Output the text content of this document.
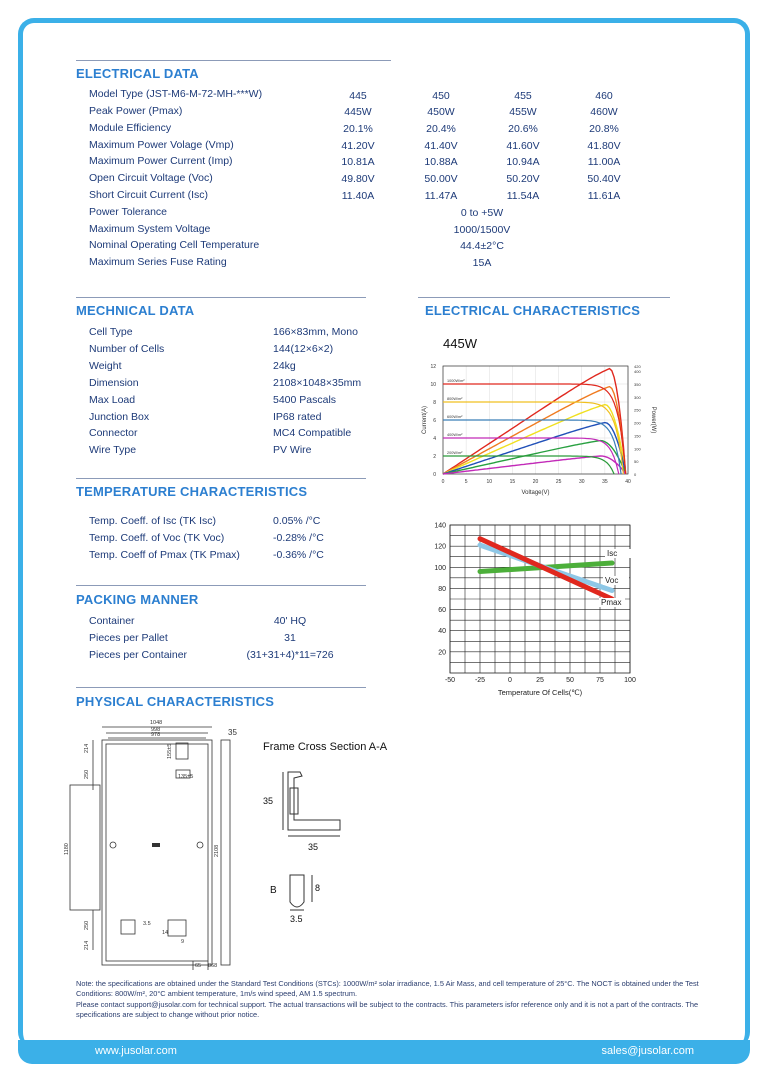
ELECTRICAL DATA
MECHNICAL DATA
TEMPERATURE CHARACTERISTICS
PACKING MANNER
PHYSICAL CHARACTERISTICS
ELECTRICAL CHARACTERISTICS
445W
0	5	10	15	20	25	30	35	40
0
2
4
6
8
10
12
0
50
100
150
200
250
300
350
400
420
Voltage(V)
Current(A)	Power(W)
1000W/m²
800W/m²
600W/m²
400W/m²
200W/m²
-50	-25	0	25	50	75	100
20
40
60
80
100
120
140
Temperature Of Cells(℃)
Isc
Voc
Pmax
1048
998
978	35
214
250
155±5
135±5
1180	2108
250
214
3.5
14
9
65 868
Frame Cross Section A-A
35
35
B	8
3.5
Note: the specifications are obtained under the Standard Test Conditions (STCs): 1000W/m² solar irradiance, 1.5 Air Mass, and cell temperature of 25°C. The NOCT is obtained under the Test Conditions: 800W/m², 20°C ambient temperature, 1m/s wind speed, AM 1.5 spectrum.
Please contact support@jusolar.com for technical support. The actual transactions will be subject to the contracts. This parameters isfor reference only and it is not a part of the contracts. The specifications are subject to change without prior notice.
www.jusolar.com	sales@jusolar.com
Model Type (JST-M6-M-72-MH-***W)	445	450	455	460
Peak Power (Pmax)	445W	450W	455W	460W
Module Efficiency	20.1%	20.4%	20.6%	20.8%
Maximum Power Volage (Vmp)	41.20V	41.40V	41.60V	41.80V
Maximum Power Current (Imp)	10.81A	10.88A	10.94A	11.00A
Open Circuit Voltage (Voc)	49.80V	50.00V	50.20V	50.40V
Short Circuit Current (Isc)	11.40A	11.47A	11.54A	11.61A
Power Tolerance	0 to +5W
Maximum System Voltage	1000/1500V
Nominal Operating Cell Temperature	44.4±2°C
Maximum Series Fuse Rating	15A
Cell Type	166×83mm, Mono
Number of Cells	144(12×6×2)
Weight	24kg
Dimension	2108×1048×35mm
Max Load	5400 Pascals
Junction Box	IP68 rated
Connector	MC4 Compatible
Wire Type	PV Wire
Temp. Coeff. of Isc (TK Isc)	0.05% /°C
Temp. Coeff. of Voc (TK Voc)	-0.28% /°C
Temp. Coeff of Pmax (TK Pmax)	-0.36% /°C
Container	40' HQ
Pieces per Pallet	31
Pieces per Container	(31+31+4)*11=726
